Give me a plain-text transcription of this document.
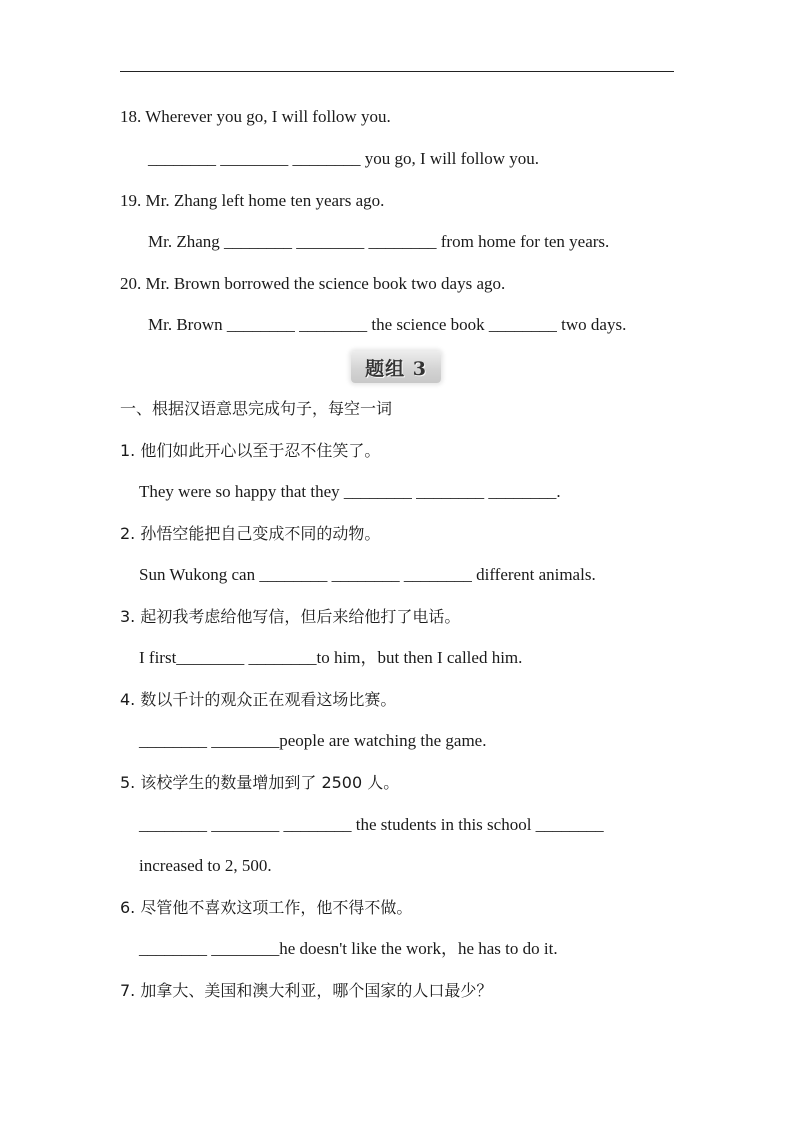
18. Wherever you go, I will follow you.
________ ________ ________ you go, I will follow you.
19. Mr. Zhang left home ten years ago.
Mr. Zhang ________ ________ ________ from home for ten years.
20. Mr. Brown borrowed the science book two days ago.
Mr. Brown ________ ________ the science book ________ two days.
题组 3
一、根据汉语意思完成句子，每空一词
1. 他们如此开心以至于忍不住笑了。
They were so happy that they ________ ________ ________.
2. 孙悟空能把自己变成不同的动物。
Sun Wukong can ________ ________ ________ different animals.
3. 起初我考虑给他写信，但后来给他打了电话。
I first________ ________to him，but then I called him.
4. 数以千计的观众正在观看这场比赛。
________ ________people are watching the game.
5. 该校学生的数量增加到了 2500 人。
________ ________ ________ the students in this school ________
increased to 2, 500.
6. 尽管他不喜欢这项工作，他不得不做。
________ ________he doesn't like the work，he has to do it.
7. 加拿大、美国和澳大利亚，哪个国家的人口最少？
